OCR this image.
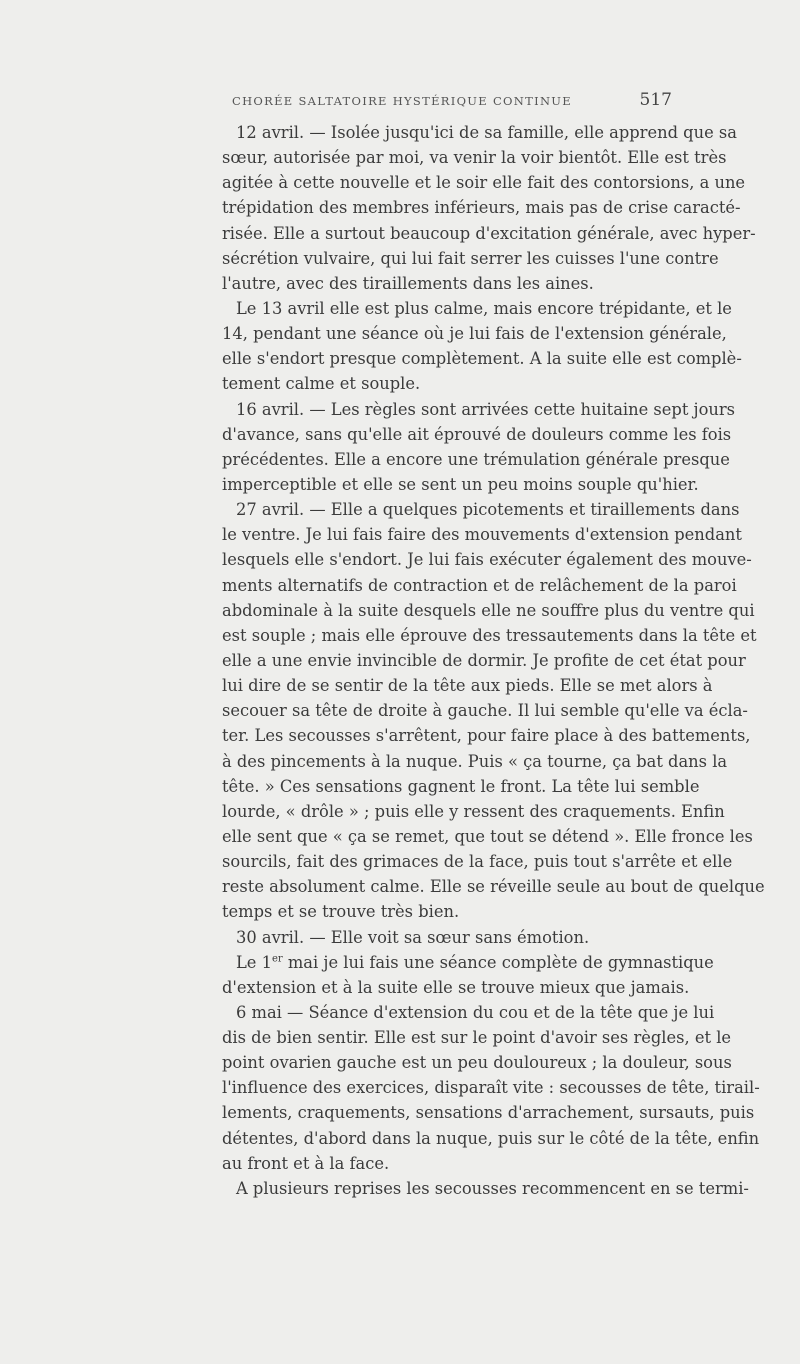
CHORÉE SALTATOIRE HYSTÉRIQUE CONTINUE	517
12 avril. — Isolée jusqu'ici de sa famille, elle apprend que sa
sœur, autorisée par moi, va venir la voir bientôt. Elle est très
agitée à cette nouvelle et le soir elle fait des contorsions, a une
trépidation des membres inférieurs, mais pas de crise caracté-
risée. Elle a surtout beaucoup d'excitation générale, avec hyper-
sécrétion vulvaire, qui lui fait serrer les cuisses l'une contre
l'autre, avec des tiraillements dans les aines.
Le 13 avril elle est plus calme, mais encore trépidante, et le
14, pendant une séance où je lui fais de l'extension générale,
elle s'endort presque complètement. A la suite elle est complè-
tement calme et souple.
16 avril. — Les règles sont arrivées cette huitaine sept jours
d'avance, sans qu'elle ait éprouvé de douleurs comme les fois
précédentes. Elle a encore une trémulation générale presque
imperceptible et elle se sent un peu moins souple qu'hier.
27 avril. — Elle a quelques picotements et tiraillements dans
le ventre. Je lui fais faire des mouvements d'extension pendant
lesquels elle s'endort. Je lui fais exécuter également des mouve-
ments alternatifs de contraction et de relâchement de la paroi
abdominale à la suite desquels elle ne souffre plus du ventre qui
est souple ; mais elle éprouve des tressautements dans la tête et
elle a une envie invincible de dormir. Je profite de cet état pour
lui dire de se sentir de la tête aux pieds. Elle se met alors à
secouer sa tête de droite à gauche. Il lui semble qu'elle va écla-
ter. Les secousses s'arrêtent, pour faire place à des battements,
à des pincements à la nuque. Puis « ça tourne, ça bat dans la
tête. » Ces sensations gagnent le front. La tête lui semble
lourde, « drôle » ; puis elle y ressent des craquements. Enfin
elle sent que « ça se remet, que tout se détend ». Elle fronce les
sourcils, fait des grimaces de la face, puis tout s'arrête et elle
reste absolument calme. Elle se réveille seule au bout de quelque
temps et se trouve très bien.
30 avril. — Elle voit sa sœur sans émotion.
Le 1er mai je lui fais une séance complète de gymnastique
d'extension et à la suite elle se trouve mieux que jamais.
6 mai — Séance d'extension du cou et de la tête que je lui
dis de bien sentir. Elle est sur le point d'avoir ses règles, et le
point ovarien gauche est un peu douloureux ; la douleur, sous
l'influence des exercices, disparaît vite : secousses de tête, tirail-
lements, craquements, sensations d'arrachement, sursauts, puis
détentes, d'abord dans la nuque, puis sur le côté de la tête, enfin
au front et à la face.
A plusieurs reprises les secousses recommencent en se termi-
